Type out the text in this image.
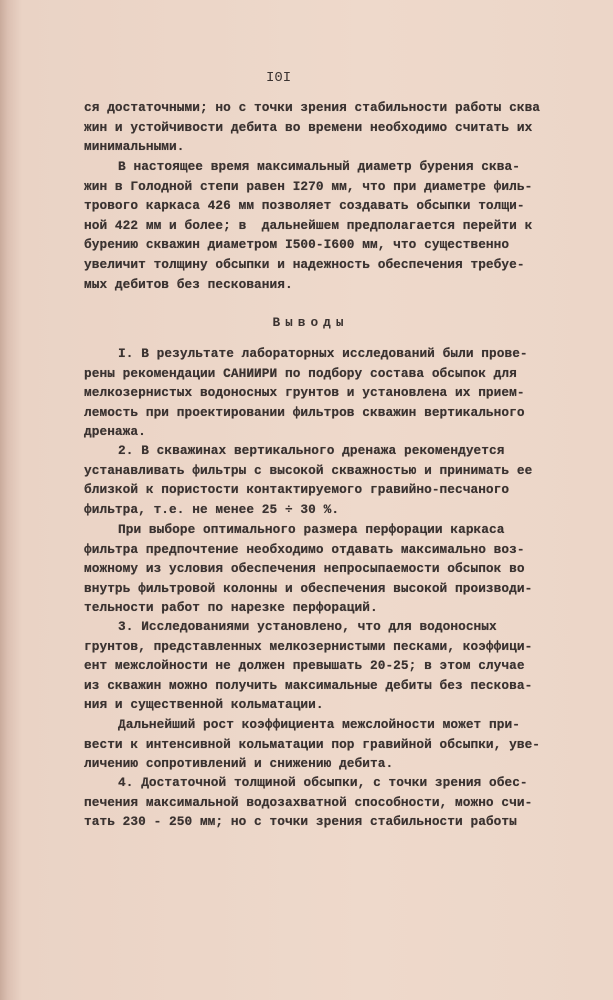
I0I
Выводы
ся достаточными; но с точки зрения стабильности работы сква
жин и устойчивости дебита во времени необходимо считать их
минимальными.
В настоящее время максимальный диаметр бурения сква-
жин в Голодной степи равен I270 мм, что при диаметре филь-
трового каркаса 426 мм позволяет создавать обсыпки толщи-
ной 422 мм и более; в  дальнейшем предполагается перейти к
бурению скважин диаметром I500-I600 мм, что существенно
увеличит толщину обсыпки и надежность обеспечения требуе-
мых дебитов без пескования.
I. В результате лабораторных исследований были прове-
рены рекомендации САНИИРИ по подбору состава обсыпок для
мелкозернистых водоносных грунтов и установлена их прием-
лемость при проектировании фильтров скважин вертикального
дренажа.
2. В скважинах вертикального дренажа рекомендуется
устанавливать фильтры с высокой скважностью и принимать ее
близкой к пористости контактируемого гравийно-песчаного
фильтра, т.е. не менее 25 ÷ 30 %.
При выборе оптимального размера перфорации каркаса
фильтра предпочтение необходимо отдавать максимально воз-
можному из условия обеспечения непросыпаемости обсыпок во
внутрь фильтровой колонны и обеспечения высокой производи-
тельности работ по нарезке перфораций.
3. Исследованиями установлено, что для водоносных
грунтов, представленных мелкозернистыми песками, коэффици-
ент межслойности не должен превышать 20-25; в этом случае
из скважин можно получить максимальные дебиты без пескова-
ния и существенной кольматации.
Дальнейший рост коэффициента межслойности может при-
вести к интенсивной кольматации пор гравийной обсыпки, уве-
личению сопротивлений и снижению дебита.
4. Достаточной толщиной обсыпки, с точки зрения обес-
печения максимальной водозахватной способности, можно счи-
тать 230 - 250 мм; но с точки зрения стабильности работы
